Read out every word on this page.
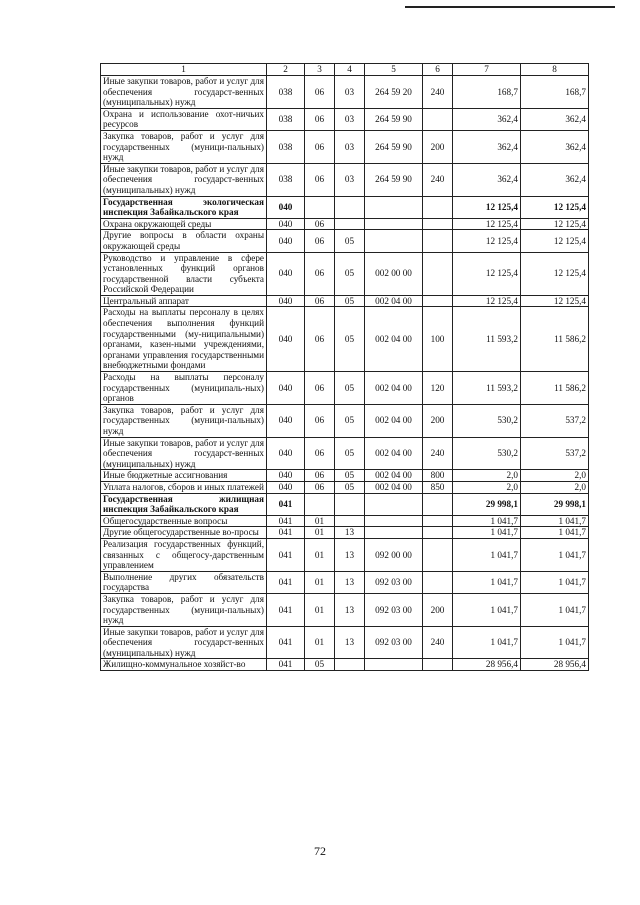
1	2	3	4	5	6	7	8
Иные закупки товаров, работ и услуг для обеспечения государст-венных (муниципальных) нужд	038	06	03	264 59 20	240	168,7	168,7
Охрана и использование охот-ничьих ресурсов	038	06	03	264 59 90		362,4	362,4
Закупка товаров, работ и услуг для государственных (муници-пальных) нужд	038	06	03	264 59 90	200	362,4	362,4
Иные закупки товаров, работ и услуг для обеспечения государст-венных (муниципальных) нужд	038	06	03	264 59 90	240	362,4	362,4
Государственная экологическая инспекция Забайкальского края	040					12 125,4	12 125,4
Охрана окружающей среды	040	06				12 125,4	12 125,4
Другие вопросы в области охраны окружающей среды	040	06	05			12 125,4	12 125,4
Руководство и управление в сфере установленных функций органов государственной власти субъекта Российской Федерации	040	06	05	002 00 00		12 125,4	12 125,4
Центральный аппарат	040	06	05	002 04 00		12 125,4	12 125,4
Расходы на выплаты персоналу в целях обеспечения выполнения функций государственными (му-ниципальными) органами, казен-ными учреждениями, органами управления государственными внебюджетными фондами	040	06	05	002 04 00	100	11 593,2	11 586,2
Расходы на выплаты персоналу государственных (муниципаль-ных) органов	040	06	05	002 04 00	120	11 593,2	11 586,2
Закупка товаров, работ и услуг для государственных (муници-пальных) нужд	040	06	05	002 04 00	200	530,2	537,2
Иные закупки товаров, работ и услуг для обеспечения государст-венных (муниципальных) нужд	040	06	05	002 04 00	240	530,2	537,2
Иные бюджетные ассигнования	040	06	05	002 04 00	800	2,0	2,0
Уплата налогов, сборов и иных платежей	040	06	05	002 04 00	850	2,0	2,0
Государственная жилищная инспекция Забайкальского края	041					29 998,1	29 998,1
Общегосударственные вопросы	041	01				1 041,7	1 041,7
Другие общегосударственные во-просы	041	01	13			1 041,7	1 041,7
Реализация государственных функций, связанных с общегосу-дарственным управлением	041	01	13	092 00 00		1 041,7	1 041,7
Выполнение других обязательств государства	041	01	13	092 03 00		1 041,7	1 041,7
Закупка товаров, работ и услуг для государственных (муници-пальных) нужд	041	01	13	092 03 00	200	1 041,7	1 041,7
Иные закупки товаров, работ и услуг для обеспечения государст-венных (муниципальных) нужд	041	01	13	092 03 00	240	1 041,7	1 041,7
Жилищно-коммунальное хозяйст-во	041	05				28 956,4	28 956,4
72
